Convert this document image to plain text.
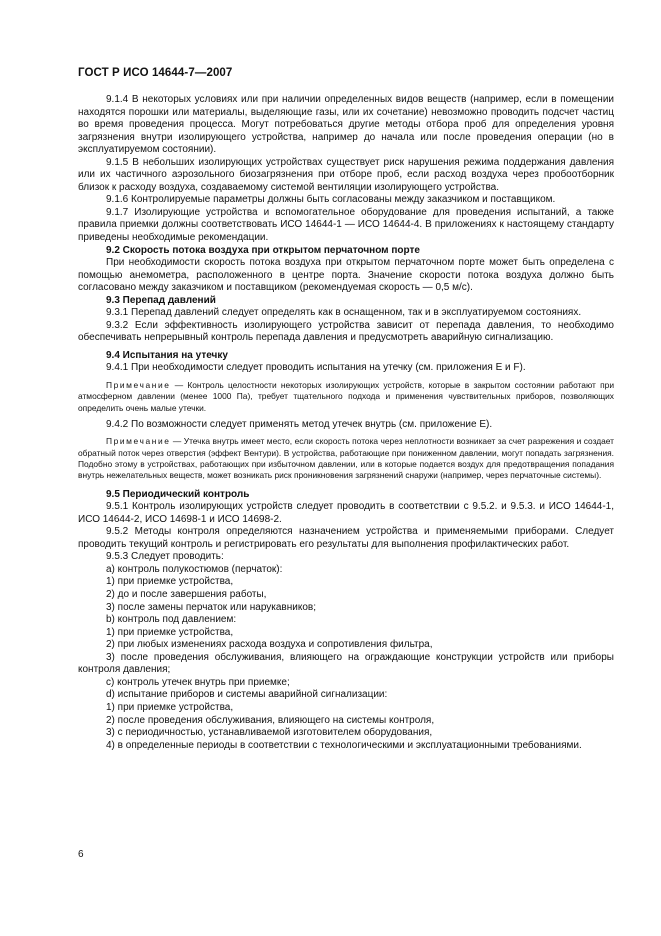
ГОСТ Р ИСО 14644-7—2007

9.1.4 В некоторых условиях или при наличии определенных видов веществ (например, если в помещении находятся порошки или материалы, выделяющие газы, или их сочетание) невозможно проводить подсчет частиц во время проведения процесса. Могут потребоваться другие методы отбора проб для определения уровня загрязнения внутри изолирующего устройства, например до начала или после проведения операции (но в эксплуатируемом состоянии).

9.1.5 В небольших изолирующих устройствах существует риск нарушения режима поддержания давления или их частичного аэрозольного биозагрязнения при отборе проб, если расход воздуха через пробоотборник близок к расходу воздуха, создаваемому системой вентиляции изолирующего устройства.

9.1.6 Контролируемые параметры должны быть согласованы между заказчиком и поставщиком.

9.1.7 Изолирующие устройства и вспомогательное оборудование для проведения испытаний, а также правила приемки должны соответствовать ИСО 14644-1 — ИСО 14644-4. В приложениях к настоящему стандарту приведены необходимые рекомендации.

9.2 Скорость потока воздуха при открытом перчаточном порте

При необходимости скорость потока воздуха при открытом перчаточном порте может быть определена с помощью анемометра, расположенного в центре порта. Значение скорости потока воздуха должно быть согласовано между заказчиком и поставщиком (рекомендуемая скорость — 0,5 м/с).

9.3 Перепад давлений

9.3.1 Перепад давлений следует определять как в оснащенном, так и в эксплуатируемом состояниях.

9.3.2 Если эффективность изолирующего устройства зависит от перепада давления, то необходимо обеспечивать непрерывный контроль перепада давления и предусмотреть аварийную сигнализацию.

9.4 Испытания на утечку

9.4.1 При необходимости следует проводить испытания на утечку (см. приложения Е и F).

Примечание — Контроль целостности некоторых изолирующих устройств, которые в закрытом состоянии работают при атмосферном давлении (менее 1000 Па), требует тщательного подхода и применения чувствительных приборов, позволяющих определить очень малые утечки.

9.4.2 По возможности следует применять метод утечек внутрь (см. приложение Е).

Примечание — Утечка внутрь имеет место, если скорость потока через неплотности возникает за счет разрежения и создает обратный поток через отверстия (эффект Вентури). В устройства, работающие при пониженном давлении, могут попадать загрязнения. Подобно этому в устройствах, работающих при избыточном давлении, или в которые подается воздух для предотвращения попадания внутрь нежелательных веществ, может возникать риск проникновения загрязнений снаружи (например, через перчаточные системы).

9.5 Периодический контроль

9.5.1 Контроль изолирующих устройств следует проводить в соответствии с 9.5.2. и 9.5.3. и ИСО 14644-1, ИСО 14644-2, ИСО 14698-1 и ИСО 14698-2.

9.5.2 Методы контроля определяются назначением устройства и применяемыми приборами. Следует проводить текущий контроль и регистрировать его результаты для выполнения профилактических работ.

9.5.3 Следует проводить:

а) контроль полукостюмов (перчаток):

1) при приемке устройства,

2) до и после завершения работы,

3) после замены перчаток или нарукавников;

b) контроль под давлением:

1) при приемке устройства,

2) при любых изменениях расхода воздуха и сопротивления фильтра,

3) после проведения обслуживания, влияющего на ограждающие конструкции устройств или приборы контроля давления;

c) контроль утечек внутрь при приемке;

d) испытание приборов и системы аварийной сигнализации:

1) при приемке устройства,

2) после проведения обслуживания, влияющего на системы контроля,

3) с периодичностью, устанавливаемой изготовителем оборудования,

4) в определенные периоды в соответствии с технологическими и эксплуатационными требованиями.

6
